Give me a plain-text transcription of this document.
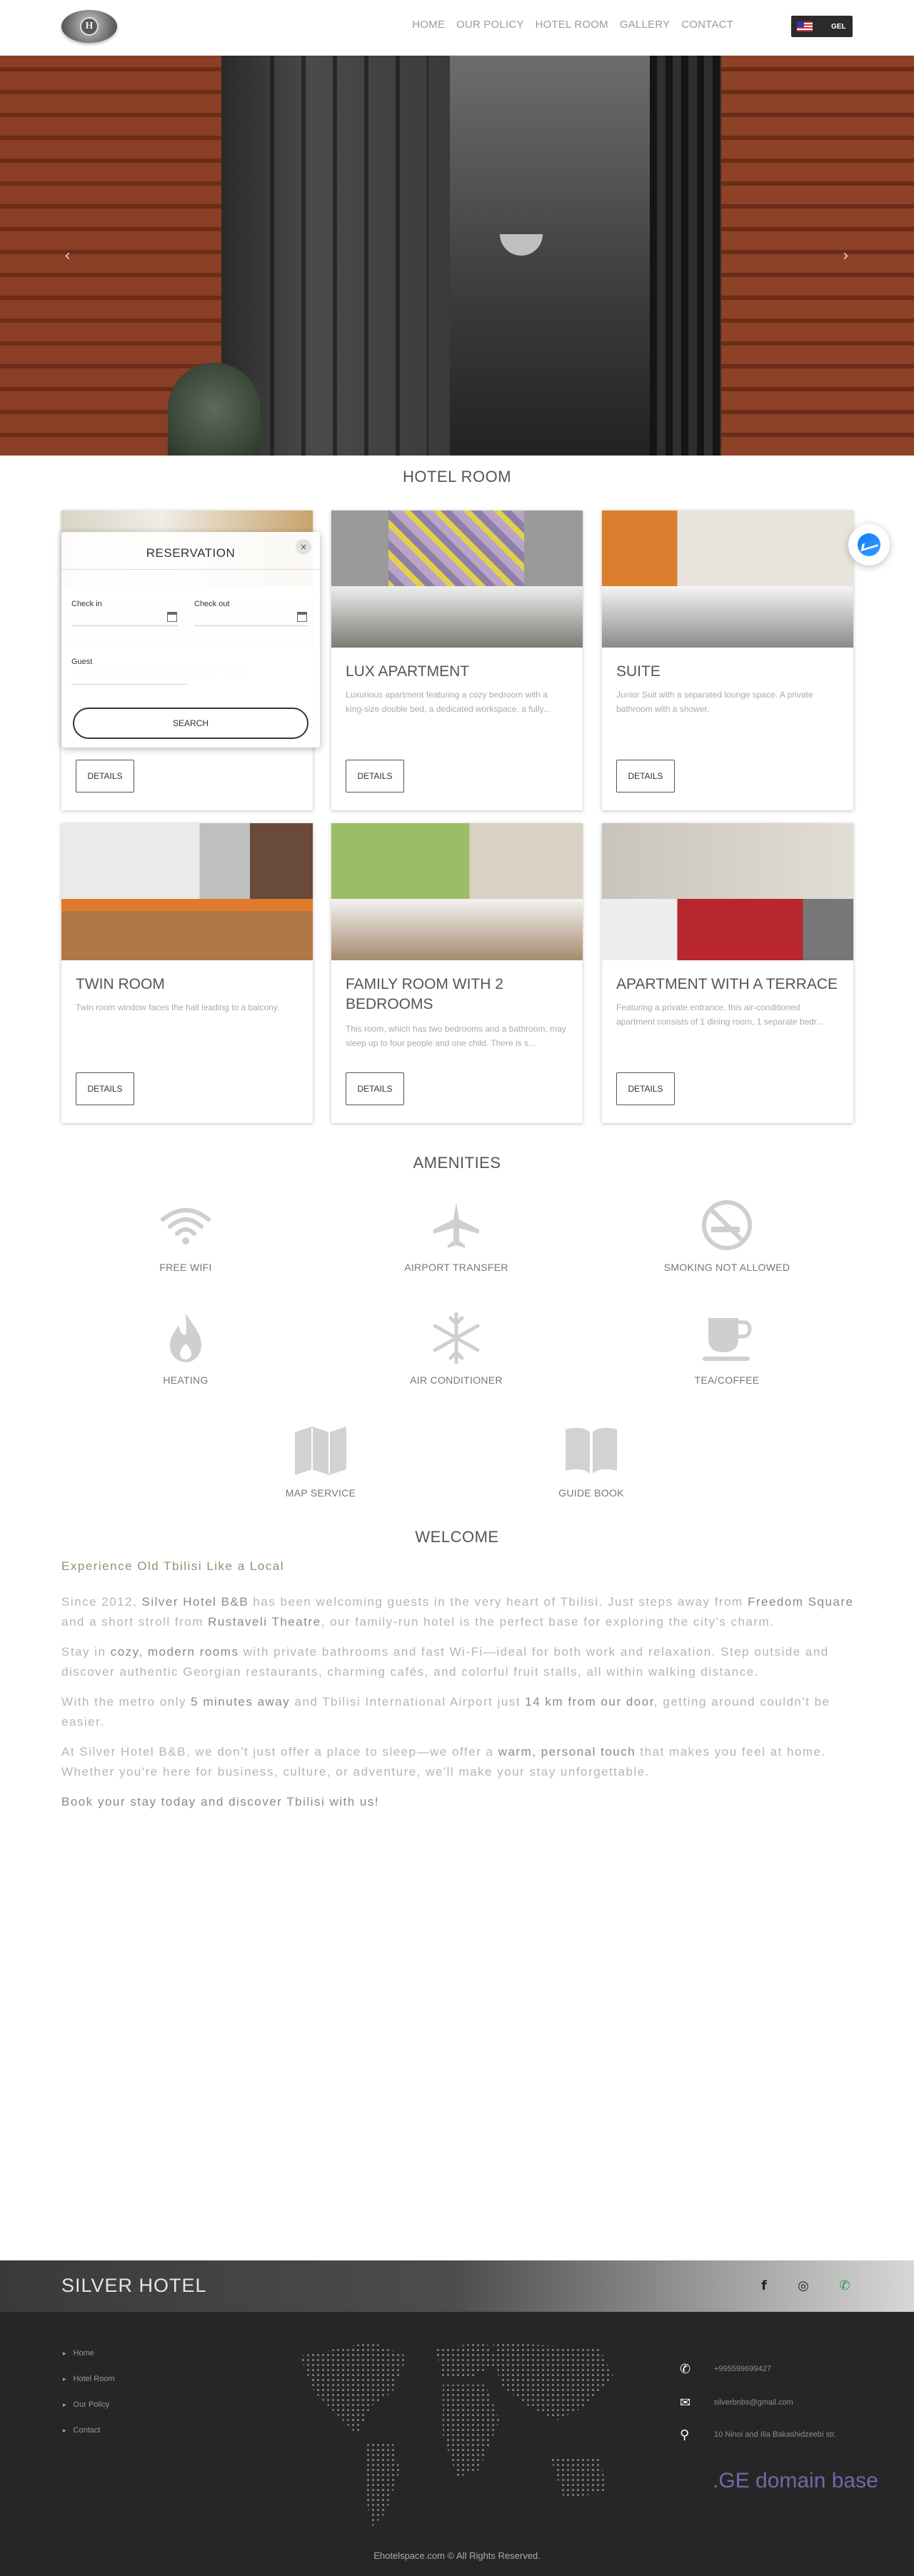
H	HOME	OUR POLICY	HOTEL ROOM	GALLERY	CONTACT	GEL
‹	›
HOTEL ROOM
DETAILS
LUX APARTMENT
Luxurious apartment featuring a cozy bedroom with a king-size double bed, a dedicated workspace, a fully...
DETAILS
SUITE
Junior Suit with a separated lounge space. A private bathroom with a shower.
DETAILS
TWIN ROOM
Twin room window faces the hall leading to a balcony.
DETAILS
FAMILY ROOM WITH 2 BEDROOMS
This room, which has two bedrooms and a bathroom, may sleep up to four people and one child. There is s...
DETAILS
APARTMENT WITH A TERRACE
Featuring a private entrance, this air-conditioned apartment consists of 1 dining room, 1 separate bedr...
DETAILS
RESERVATION	×
Check in	Check out
Guest
SEARCH
AMENITIES
FREE WIFI	AIRPORT TRANSFER	SMOKING NOT ALLOWED
HEATING	AIR CONDITIONER	TEA/COFFEE
MAP SERVICE	GUIDE BOOK
WELCOME

Experience Old Tbilisi Like a Local

Since 2012, Silver Hotel B&B has been welcoming guests in the very heart of Tbilisi. Just steps away from Freedom Square and a short stroll from Rustaveli Theatre, our family-run hotel is the perfect base for exploring the city's charm.

Stay in cozy, modern rooms with private bathrooms and fast Wi-Fi—ideal for both work and relaxation. Step outside and discover authentic Georgian restaurants, charming cafés, and colorful fruit stalls, all within walking distance.

With the metro only 5 minutes away and Tbilisi International Airport just 14 km from our door, getting around couldn't be easier.

At Silver Hotel B&B, we don't just offer a place to sleep—we offer a warm, personal touch that makes you feel at home. Whether you're here for business, culture, or adventure, we'll make your stay unforgettable.

Book your stay today and discover Tbilisi with us!

SILVER HOTEL	f	◎ ✆
▸ Home
▸ Hotel Room
▸ Our Policy
▸ Contact
✆	+995599699427
✉	silverbnbs@gmail.com
⚲	10 Ninoi and Ilia Bakashidzeebi str.
.GE domain base
Ehotelspace.com © All Rights Reserved.
